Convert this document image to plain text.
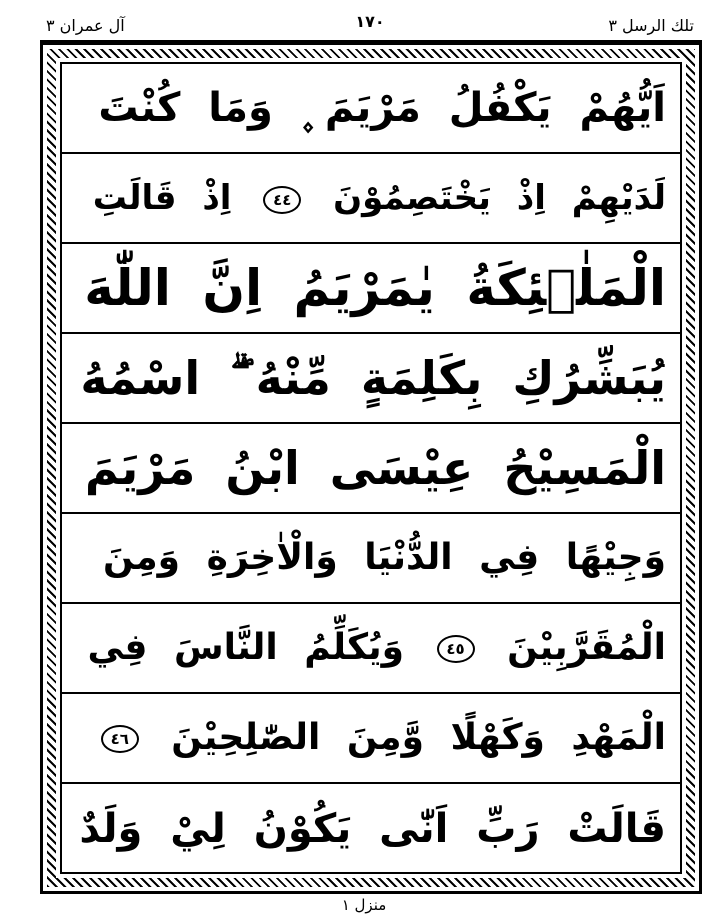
تلك الرسل ٣
١٧٠
آل عمران ٣
اَيُّهُمْ يَكْفُلُ مَرْيَمَ ۪ وَمَا كُنْتَ
لَدَيْهِمْ اِذْ يَخْتَصِمُوْنَ ٤٤ اِذْ قَالَتِ
الْمَلٰۤئِكَةُ يٰمَرْيَمُ اِنَّ اللّٰهَ
يُبَشِّرُكِ بِكَلِمَةٍ مِّنْهُ ۖۗ اسْمُهُ
الْمَسِيْحُ عِيْسَى ابْنُ مَرْيَمَ
وَجِيْهًا فِي الدُّنْيَا وَالْاٰخِرَةِ وَمِنَ
الْمُقَرَّبِيْنَ ٤٥ وَيُكَلِّمُ النَّاسَ فِي
الْمَهْدِ وَكَهْلًا وَّمِنَ الصّٰلِحِيْنَ ٤٦
قَالَتْ رَبِّ اَنّٰى يَكُوْنُ لِيْ وَلَدٌ
منزل ١
